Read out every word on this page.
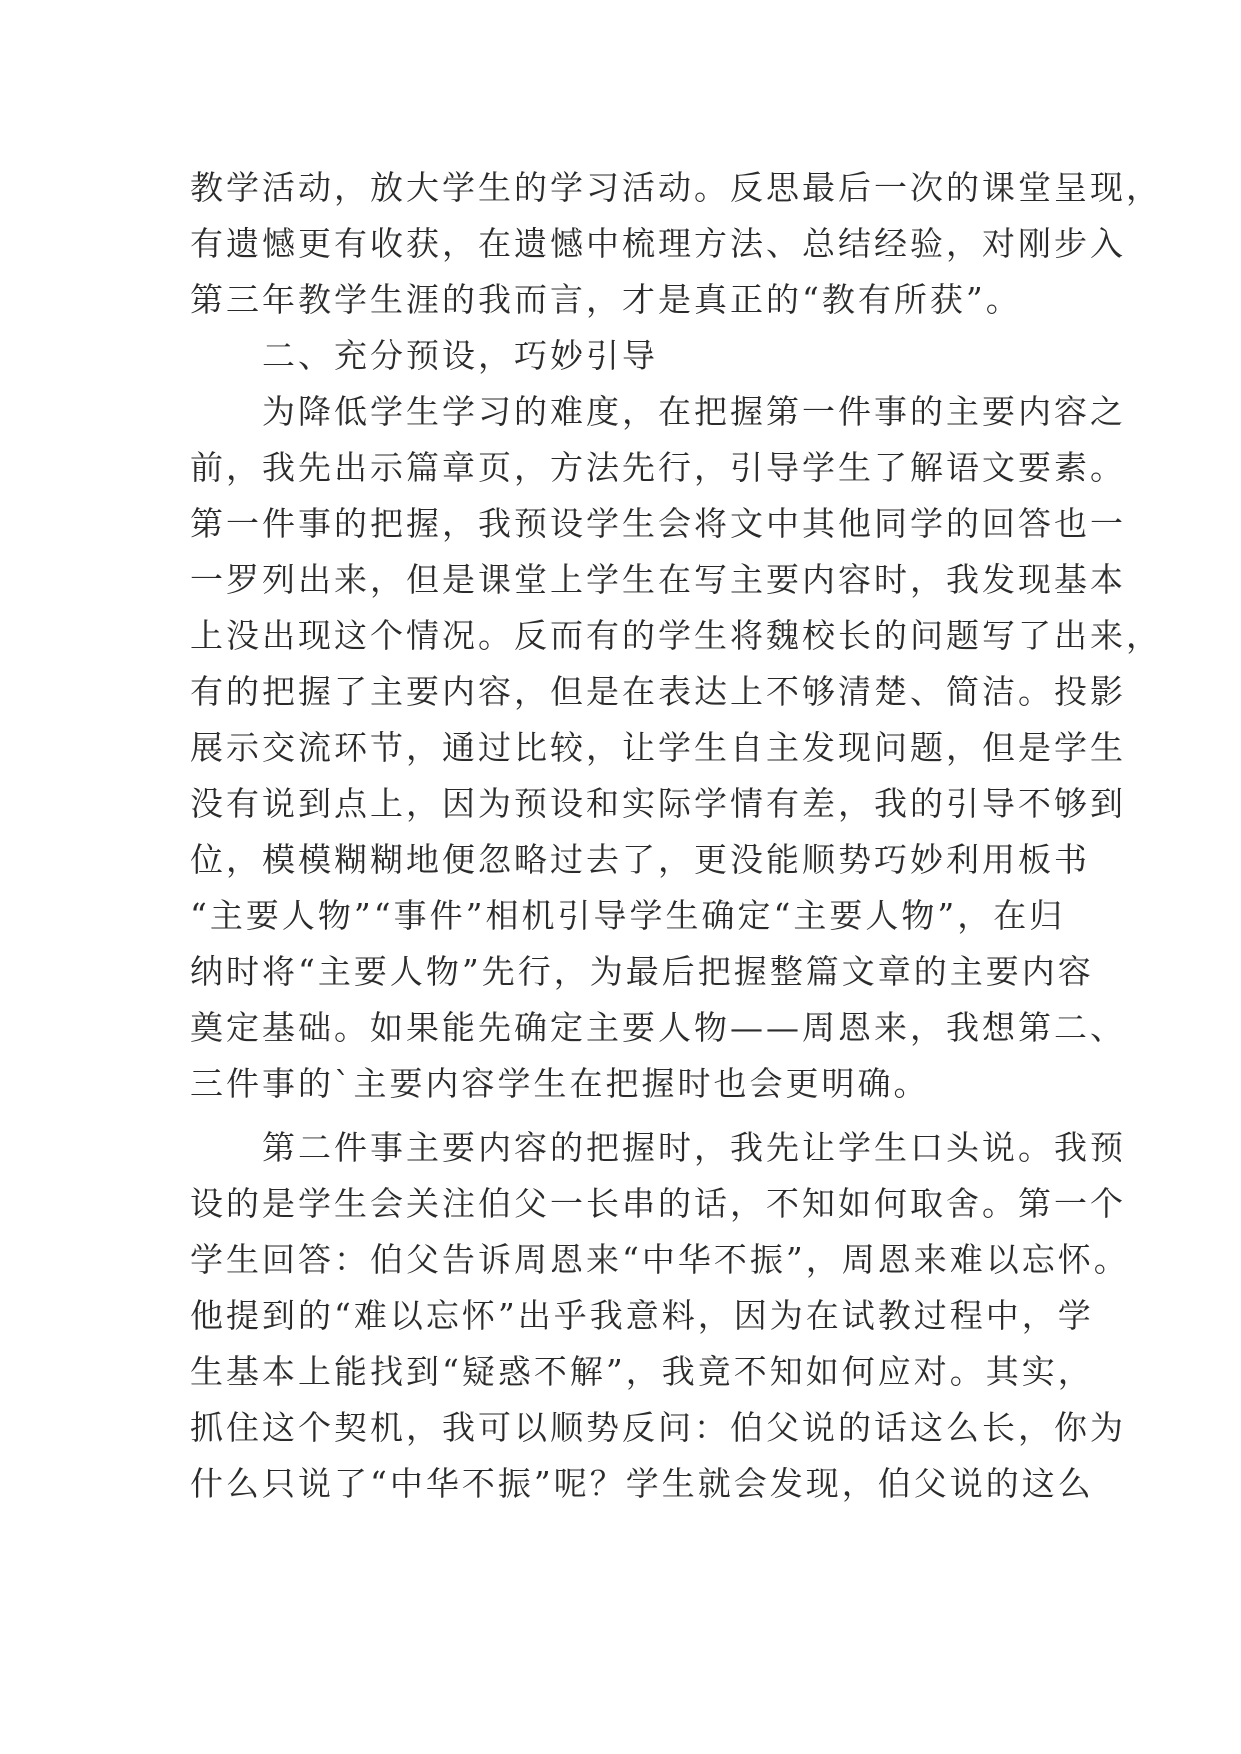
教学活动，放大学生的学习活动。反思最后一次的课堂呈现，
有遗憾更有收获，在遗憾中梳理方法、总结经验，对刚步入
第三年教学生涯的我而言，才是真正的“教有所获”。
　　二、充分预设，巧妙引导
　　为降低学生学习的难度，在把握第一件事的主要内容之
前，我先出示篇章页，方法先行，引导学生了解语文要素。
第一件事的把握，我预设学生会将文中其他同学的回答也一
一罗列出来，但是课堂上学生在写主要内容时，我发现基本
上没出现这个情况。反而有的学生将魏校长的问题写了出来，
有的把握了主要内容，但是在表达上不够清楚、简洁。投影
展示交流环节，通过比较，让学生自主发现问题，但是学生
没有说到点上，因为预设和实际学情有差，我的引导不够到
位，模模糊糊地便忽略过去了，更没能顺势巧妙利用板书
“主要人物”“事件”相机引导学生确定“主要人物”，在归
纳时将“主要人物”先行，为最后把握整篇文章的主要内容
奠定基础。如果能先确定主要人物——周恩来，我想第二、
三件事的`主要内容学生在把握时也会更明确。
　　第二件事主要内容的把握时，我先让学生口头说。我预
设的是学生会关注伯父一长串的话，不知如何取舍。第一个
学生回答：伯父告诉周恩来“中华不振”，周恩来难以忘怀。
他提到的“难以忘怀”出乎我意料，因为在试教过程中，学
生基本上能找到“疑惑不解”，我竟不知如何应对。其实，
抓住这个契机，我可以顺势反问：伯父说的话这么长，你为
什么只说了“中华不振”呢？学生就会发现，伯父说的这么
